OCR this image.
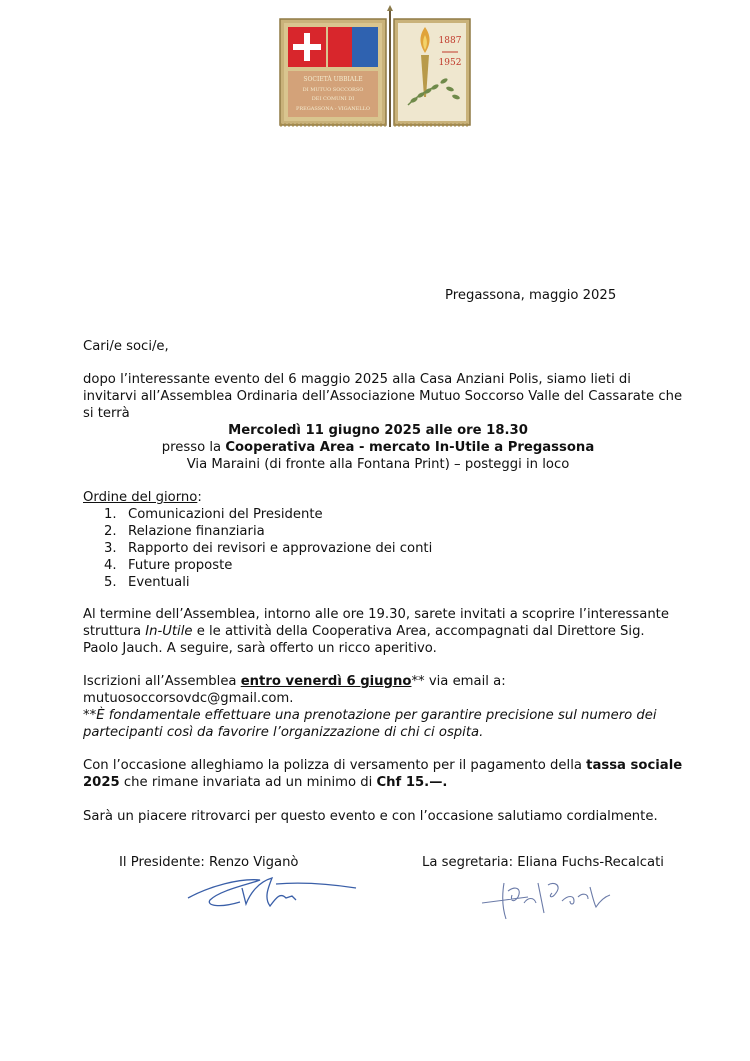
SOCIETÀ UBBIALE
DI MUTUO SOCCORSO
DEI COMUNI DI
PREGASSONA - VIGANELLO
1887
1952
Pregassona, maggio 2025
Cari/e soci/e,
dopo l’interessante evento del 6 maggio 2025 alla Casa Anziani Polis, siamo lieti di invitarvi all’Assemblea Ordinaria dell’Associazione Mutuo Soccorso Valle del Cassarate che si terrà
Mercoledì 11 giugno 2025 alle ore 18.30
presso la Cooperativa Area - mercato In-Utile a Pregassona
Via Maraini (di fronte alla Fontana Print) – posteggi in loco
Ordine del giorno:
1. Comunicazioni del Presidente
2. Relazione finanziaria
3. Rapporto dei revisori e approvazione dei conti
4. Future proposte
5. Eventuali
Al termine dell’Assemblea, intorno alle ore 19.30, sarete invitati a scoprire l’interessante struttura In-Utile e le attività della Cooperativa Area, accompagnati dal Direttore Sig. Paolo Jauch. A seguire, sarà offerto un ricco aperitivo.
Iscrizioni all’Assemblea entro venerdì 6 giugno** via email a: mutuosoccorsovdc@gmail.com.
**È fondamentale effettuare una prenotazione per garantire precisione sul numero dei partecipanti così da favorire l’organizzazione di chi ci ospita.
Con l’occasione alleghiamo la polizza di versamento per il pagamento della tassa sociale 2025 che rimane invariata ad un minimo di Chf 15.—.
Sarà un piacere ritrovarci per questo evento e con l’occasione salutiamo cordialmente.
Il Presidente: Renzo Viganò	La segretaria: Eliana Fuchs-Recalcati
